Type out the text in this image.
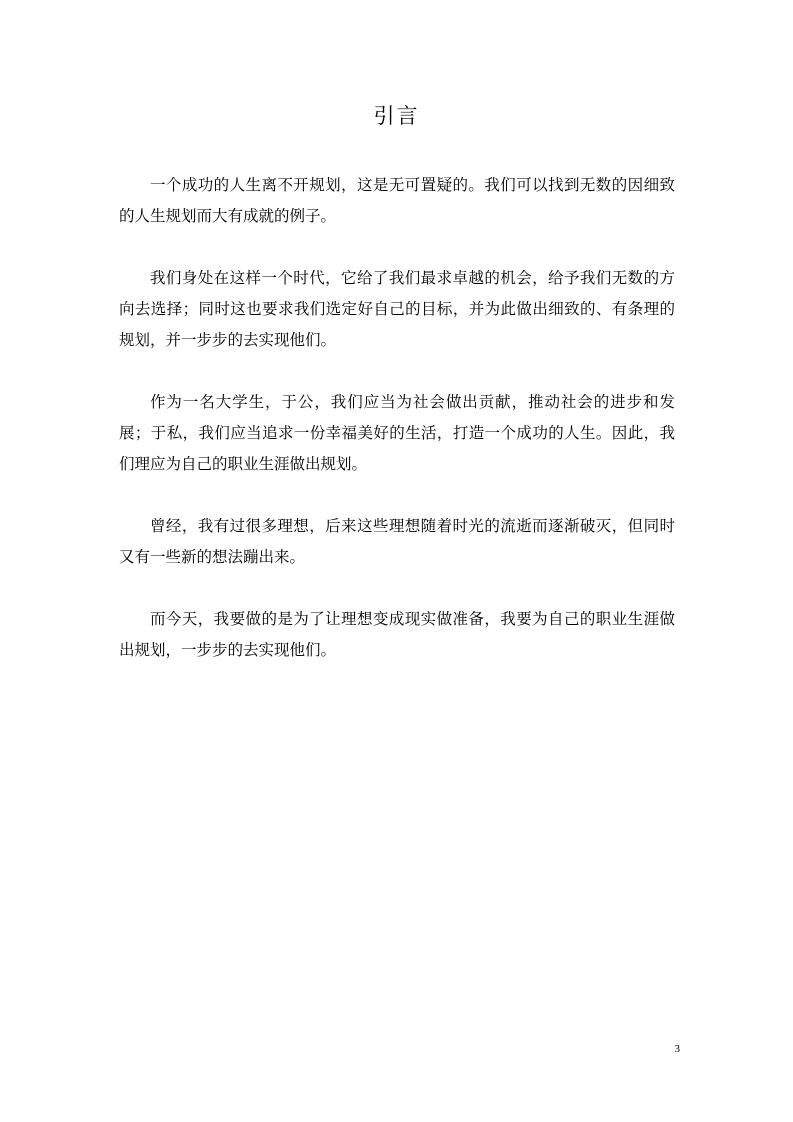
引言

一个成功的人生离不开规划，这是无可置疑的。我们可以找到无数的因细致的人生规划而大有成就的例子。

我们身处在这样一个时代，它给了我们最求卓越的机会，给予我们无数的方向去选择；同时这也要求我们选定好自己的目标，并为此做出细致的、有条理的规划，并一步步的去实现他们。

作为一名大学生，于公，我们应当为社会做出贡献，推动社会的进步和发展；于私，我们应当追求一份幸福美好的生活，打造一个成功的人生。因此，我们理应为自己的职业生涯做出规划。

曾经，我有过很多理想，后来这些理想随着时光的流逝而逐渐破灭，但同时又有一些新的想法蹦出来。

而今天，我要做的是为了让理想变成现实做准备，我要为自己的职业生涯做出规划，一步步的去实现他们。

3
